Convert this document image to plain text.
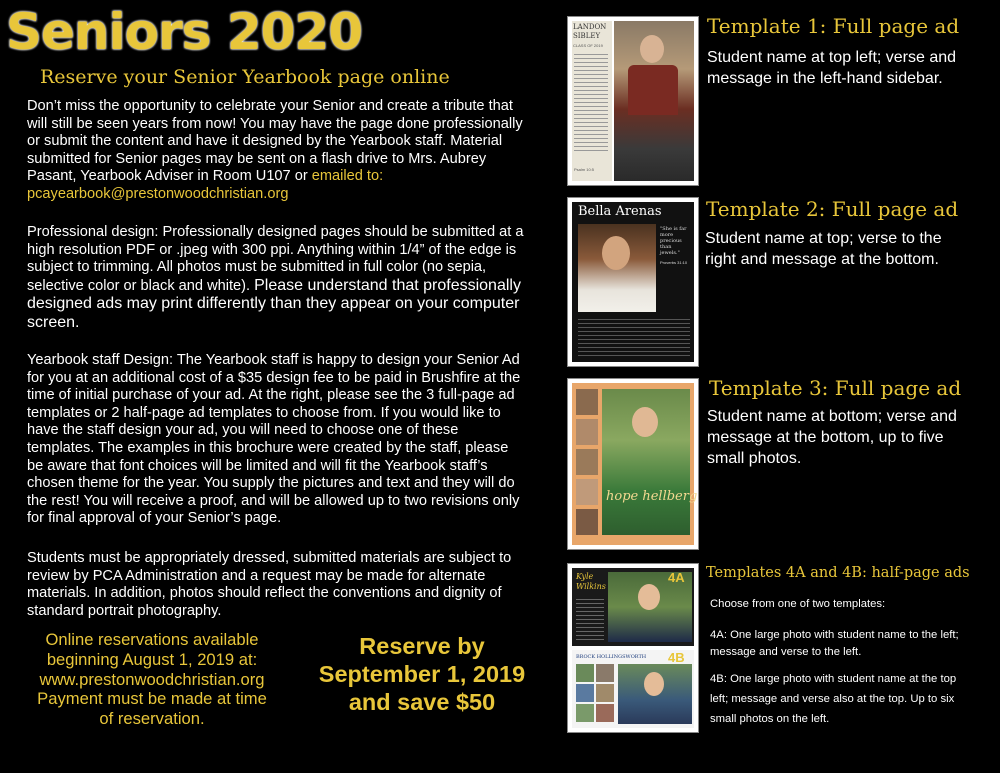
Seniors 2020
Reserve your Senior Yearbook page online
Don’t miss the opportunity to celebrate your Senior and create a tribute that will still be seen years from now! You may have the page done professionally or submit the content and have it designed by the Yearbook staff. Material submitted for Senior pages may be sent on a flash drive to Mrs. Aubrey Pasant, Yearbook Adviser in Room U107 or emailed to:
pcayearbook@prestonwoodchristian.org
Professional design: Professionally designed pages should be submitted at a high resolution PDF or .jpeg with 300 ppi. Anything within 1/4” of the edge is subject to trimming. All photos must be submitted in full color (no sepia, selective color or black and white). Please understand that professionally designed ads may print differently than they appear on your computer screen.
Yearbook staff Design: The Yearbook staff is happy to design your Senior Ad for you at an additional cost of a $35 design fee to be paid in Brushfire at the time of initial purchase of your ad. At the right, please see the 3 full-page ad templates or 2 half-page ad templates to choose from. If you would like to have the staff design your ad, you will need to choose one of these templates. The examples in this brochure were created by the staff, please be aware that font choices will be limited and will fit the Yearbook staff’s chosen theme for the year. You supply the pictures and text and they will do the rest! You will receive a proof, and will be allowed up to two revisions only for final approval of your Senior’s page.
Students must be appropriately dressed, submitted materials are subject to review by PCA Administration and a request may be made for alternate materials. In addition, photos should reflect the conventions and dignity of standard portrait photography.
Online reservations available
beginning August 1, 2019 at:
www.prestonwoodchristian.org
Payment must be made at time
of reservation.
Reserve by
September 1, 2019
and save $50
LANDON
SIBLEY
CLASS OF 2019
Psalm 10:5
Template 1: Full page ad
Student name at top left; verse and message in the left-hand sidebar.
Bella Arenas
"She is far more precious than jewels."
Proverbs 31:10
Template 2: Full page ad
Student name at top; verse to the right and message at the bottom.
hope hellberg
Template 3: Full page ad
Student name at bottom; verse and message at the bottom, up to five small photos.
Kyle
Wilkins
4A
BROCK HOLLINGSWORTH 4B
Templates 4A and 4B: half-page ads
Choose from one of two templates:
4A: One large photo with student name to the left; message and verse to the left.
4B: One large photo with student name at the top left; message and verse also at the top. Up to six small photos on the left.
